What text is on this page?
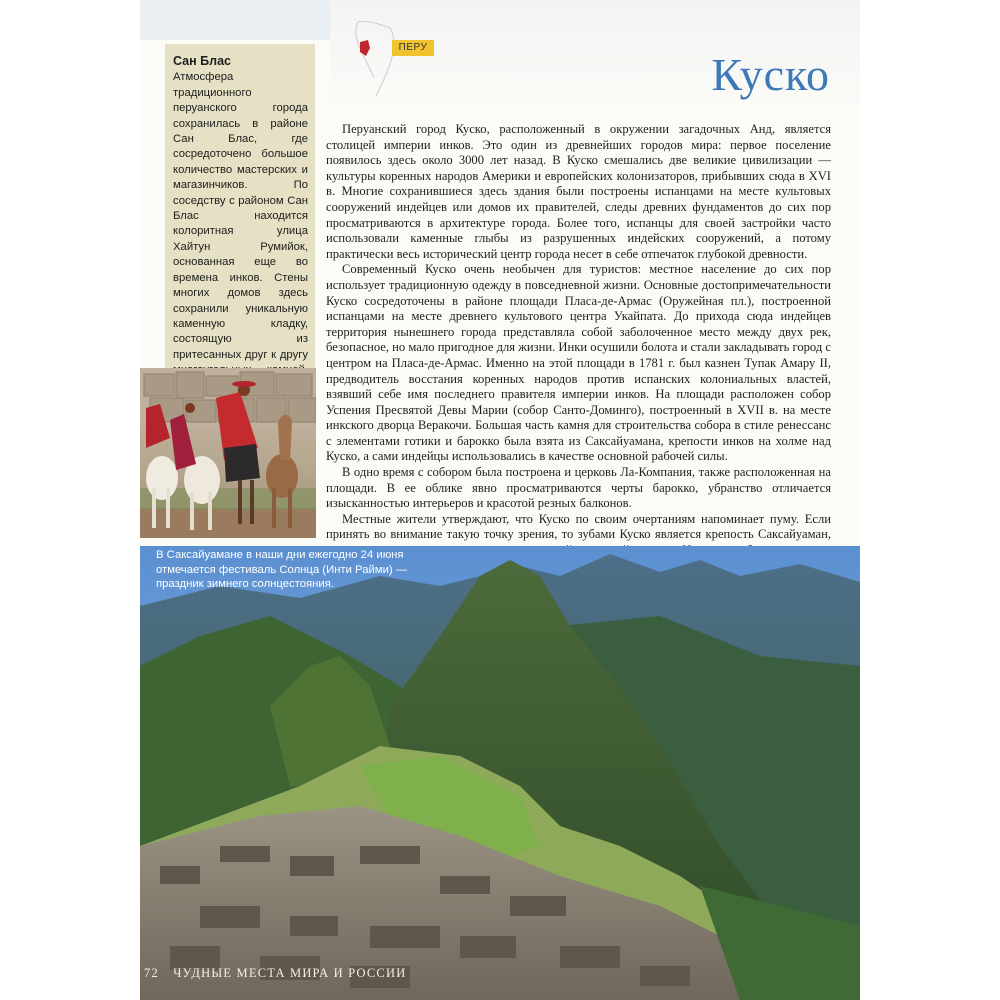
ПЕРУ
Куско
Сан Блас
Атмосфера традиционного перуанского города сохранилась в районе Сан Блас, где сосредоточено большое количество мастерских и магазинчиков. По соседству с районом Сан Блас находится колоритная улица Хайтун Румийок, основанная еще во времена инков. Стены многих домов здесь сохранили уникальную каменную кладку, состоящую из притесанных друг к другу

Перуанский город Куско, расположенный в окружении загадочных Анд, является столицей империи инков. Это один из древнейших городов мира: первое поселение появилось здесь около 3000 лет назад. В Куско смешались две великие цивилизации — культуры коренных народов Америки и европейских колонизаторов, прибывших сюда в XVI в. Многие сохранившиеся здесь здания были построены испанцами на месте культовых сооружений индейцев или домов их правителей, следы древних фундаментов до сих пор просматриваются в архитектуре города. Более того, испанцы для своей застройки часто использовали каменные глыбы из разрушенных индейских сооружений, а потому практически весь исторический центр города несет в себе отпечаток глубокой древности.

Современный Куско очень необычен для туристов: местное население до сих пор использует традиционную одежду в повседневной жизни. Основные достопримечательности Куско сосредоточены в районе площади Пласа-де-Армас (Оружейная пл.), построенной испанцами на месте древнего культового центра Укайпата. До прихода сюда индейцев территория нынешнего города представляла собой заболоченное место между двух рек, безопасное, но мало пригодное для жизни. Инки осушили болота и стали закладывать город с центром на Пласа-де-Армас. Именно на этой площади в 1781 г. был казнен Тупак Амару II, предводитель восстания коренных народов против испанских колониальных властей, взявший себе имя последнего правителя империи инков. На площади расположен собор Успения Пресвятой Девы Марии (собор Санто-Доминго), построенный в XVII в. на месте инкского дворца Веракочи. Большая часть камня для строительства собора в стиле ренессанс с элементами готики и барокко была взята из Саксайуамана, крепости инков на холме над Куско, а сами индейцы использовались в качестве основной рабочей силы.

В одно время с собором была построена и церковь Ла-Компания, также расположенная на площади. В ее облике явно просматриваются черты барокко, убранство отличается изысканностью интерьеров и красотой резных балконов.

Местные жители утверждают, что Куско по своим очертаниям напоминает пуму. Если принять во внимание такую точку зрения, то зубами Куско является крепость Саксайуаман,

В Саксайуамане в наши дни ежегодно 24 июня отмечается фестиваль Солнца (Инти Райми) — праздник зимнего солнцестояния.
72 ЧУДНЫЕ МЕСТА МИРА И РОССИИ
